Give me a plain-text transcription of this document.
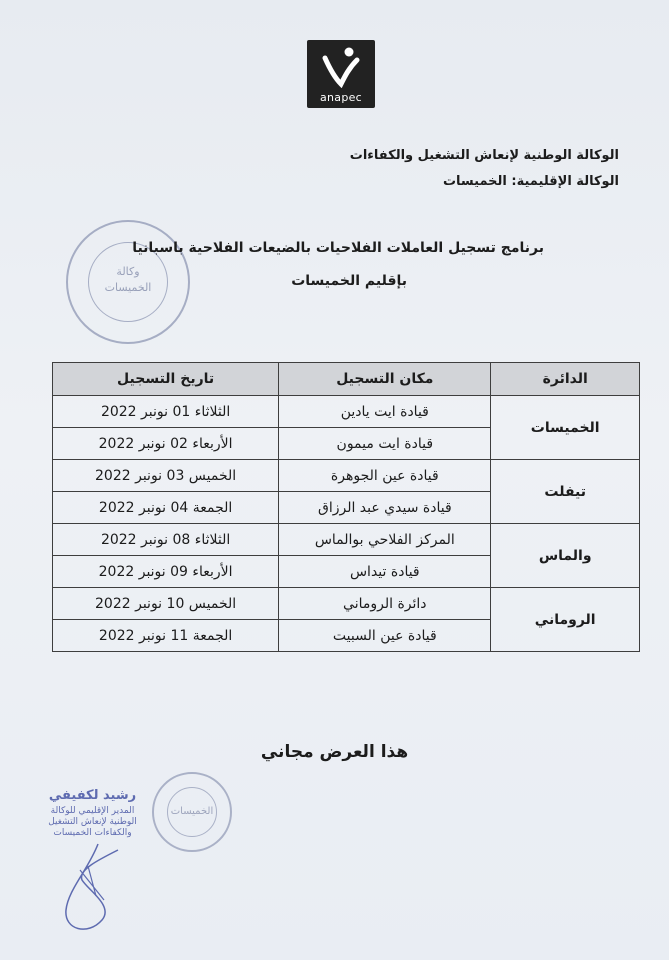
anapec
الوكالة الوطنية لإنعاش التشغيل والكفاءات
الوكالة الإقليمية: الخميسات
وكالة
الخميسات
برنامج تسجيل العاملات الفلاحيات بالضيعات الفلاحية باسبانيا
بإقليم الخميسات
الدائرة	مكان التسجيل	تاريخ التسجيل
الخميسات	قيادة ايت يادين	الثلاثاء 01 نونبر 2022
	قيادة ايت ميمون	الأربعاء 02 نونبر 2022
تيفلت	قيادة عين الجوهرة	الخميس 03 نونبر 2022
	قيادة سيدي عبد الرزاق	الجمعة 04 نونبر 2022
والماس	المركز الفلاحي بوالماس	الثلاثاء 08 نونبر 2022
	قيادة تيداس	الأربعاء 09 نونبر 2022
الروماني	دائرة الروماني	الخميس 10 نونبر 2022
	قيادة عين السبيت	الجمعة 11 نونبر 2022
هذا العرض مجاني
رشيد لكفيفي
المدير الإقليمي للوكالة الوطنية لإنعاش التشغيل والكفاءات الخميسات
الخميسات
